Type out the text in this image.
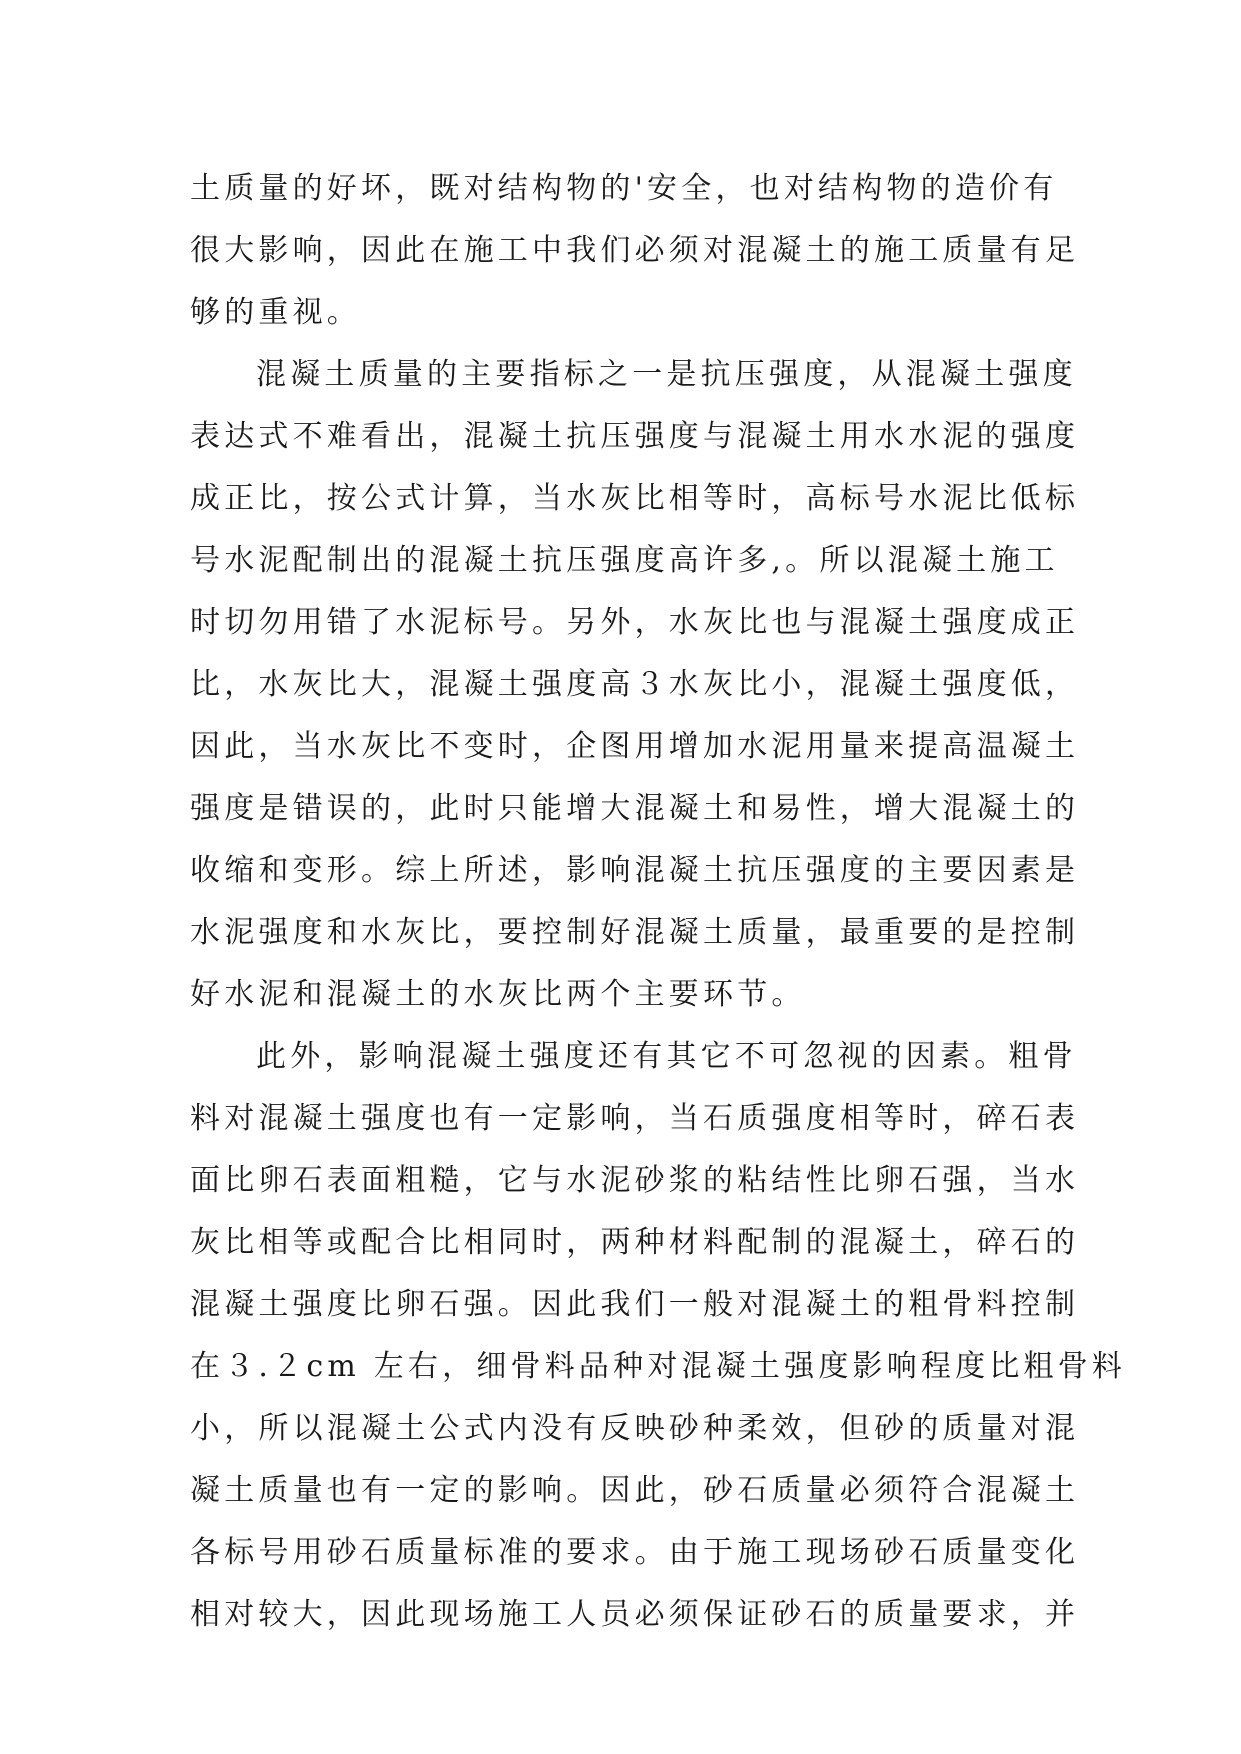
土质量的好坏，既对结构物的'安全，也对结构物的造价有
很大影响，因此在施工中我们必须对混凝土的施工质量有足
够的重视。
混凝土质量的主要指标之一是抗压强度，从混凝土强度
表达式不难看出，混凝土抗压强度与混凝土用水水泥的强度
成正比，按公式计算，当水灰比相等时，高标号水泥比低标
号水泥配制出的混凝土抗压强度高许多,。所以混凝土施工
时切勿用错了水泥标号。另外，水灰比也与混凝土强度成正
比，水灰比大，混凝土强度高３水灰比小，混凝土强度低，
因此，当水灰比不变时，企图用增加水泥用量来提高温凝土
强度是错误的，此时只能增大混凝土和易性，增大混凝土的
收缩和变形。综上所述，影响混凝土抗压强度的主要因素是
水泥强度和水灰比，要控制好混凝土质量，最重要的是控制
好水泥和混凝土的水灰比两个主要环节。
此外，影响混凝土强度还有其它不可忽视的因素。粗骨
料对混凝土强度也有一定影响，当石质强度相等时，碎石表
面比卵石表面粗糙，它与水泥砂浆的粘结性比卵石强，当水
灰比相等或配合比相同时，两种材料配制的混凝土，碎石的
混凝土强度比卵石强。因此我们一般对混凝土的粗骨料控制
在３.２cm 左右，细骨料品种对混凝土强度影响程度比粗骨料
小，所以混凝土公式内没有反映砂种柔效，但砂的质量对混
凝土质量也有一定的影响。因此，砂石质量必须符合混凝土
各标号用砂石质量标准的要求。由于施工现场砂石质量变化
相对较大，因此现场施工人员必须保证砂石的质量要求，并
